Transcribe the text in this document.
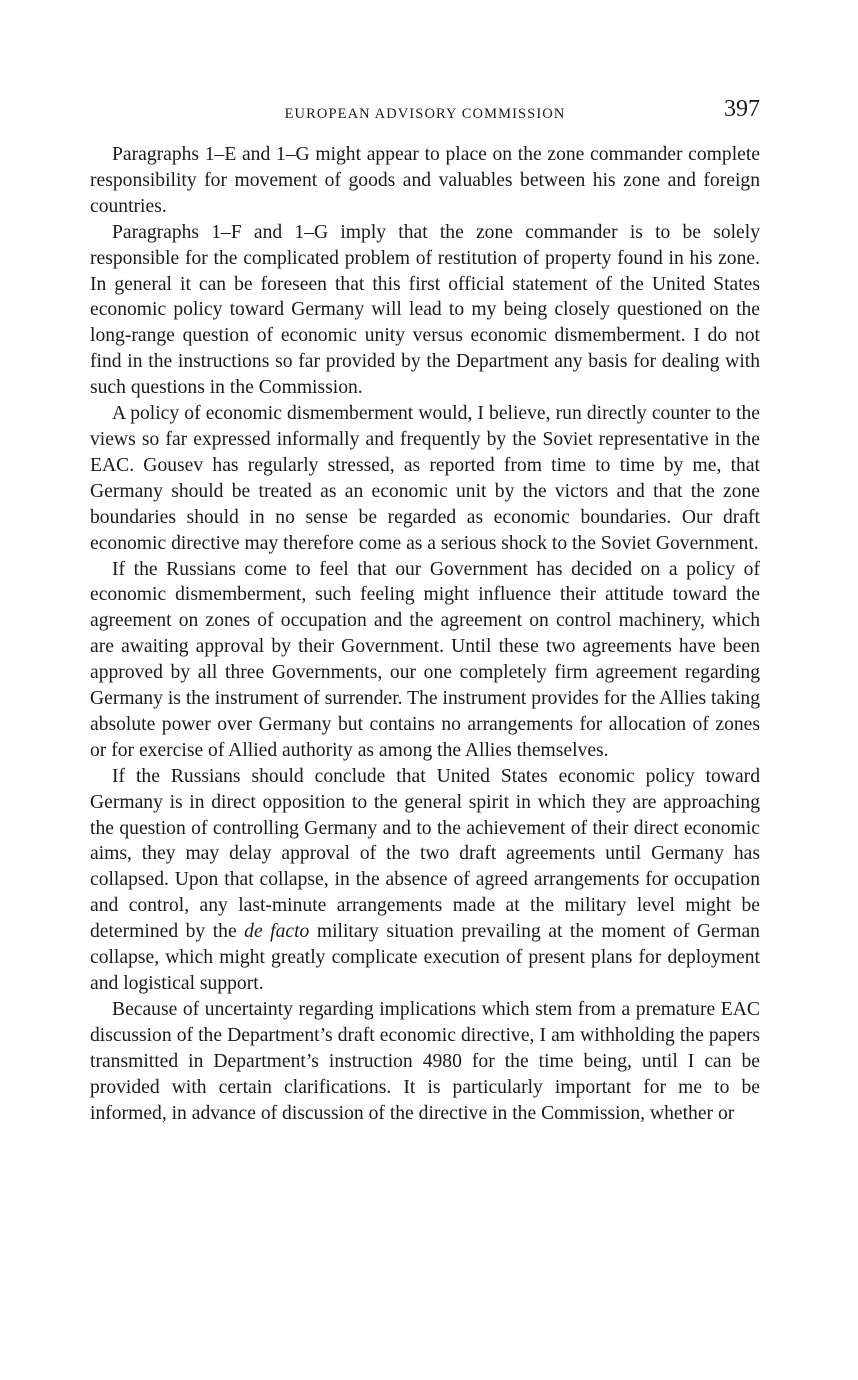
EUROPEAN ADVISORY COMMISSION	397

Paragraphs 1–E and 1–G might appear to place on the zone commander complete responsibility for movement of goods and valuables between his zone and foreign countries.

Paragraphs 1–F and 1–G imply that the zone commander is to be solely responsible for the complicated problem of restitution of property found in his zone. In general it can be foreseen that this first official statement of the United States economic policy toward Germany will lead to my being closely questioned on the long-range question of economic unity versus economic dismemberment. I do not find in the instructions so far provided by the Department any basis for dealing with such questions in the Commission.

A policy of economic dismemberment would, I believe, run directly counter to the views so far expressed informally and frequently by the Soviet representative in the EAC. Gousev has regularly stressed, as reported from time to time by me, that Germany should be treated as an economic unit by the victors and that the zone boundaries should in no sense be regarded as economic boundaries. Our draft economic directive may therefore come as a serious shock to the Soviet Government.

If the Russians come to feel that our Government has decided on a policy of economic dismemberment, such feeling might influence their attitude toward the agreement on zones of occupation and the agreement on control machinery, which are awaiting approval by their Government. Until these two agreements have been approved by all three Governments, our one completely firm agreement regarding Germany is the instrument of surrender. The instrument provides for the Allies taking absolute power over Germany but contains no arrangements for allocation of zones or for exercise of Allied authority as among the Allies themselves.

If the Russians should conclude that United States economic policy toward Germany is in direct opposition to the general spirit in which they are approaching the question of controlling Germany and to the achievement of their direct economic aims, they may delay approval of the two draft agreements until Germany has collapsed. Upon that collapse, in the absence of agreed arrangements for occupation and control, any last-minute arrangements made at the military level might be determined by the de facto military situation prevailing at the moment of German collapse, which might greatly complicate execution of present plans for deployment and logistical support.

Because of uncertainty regarding implications which stem from a premature EAC discussion of the Department’s draft economic directive, I am withholding the papers transmitted in Department’s instruction 4980 for the time being, until I can be provided with certain clarifications. It is particularly important for me to be informed, in advance of discussion of the directive in the Commission, whether or
